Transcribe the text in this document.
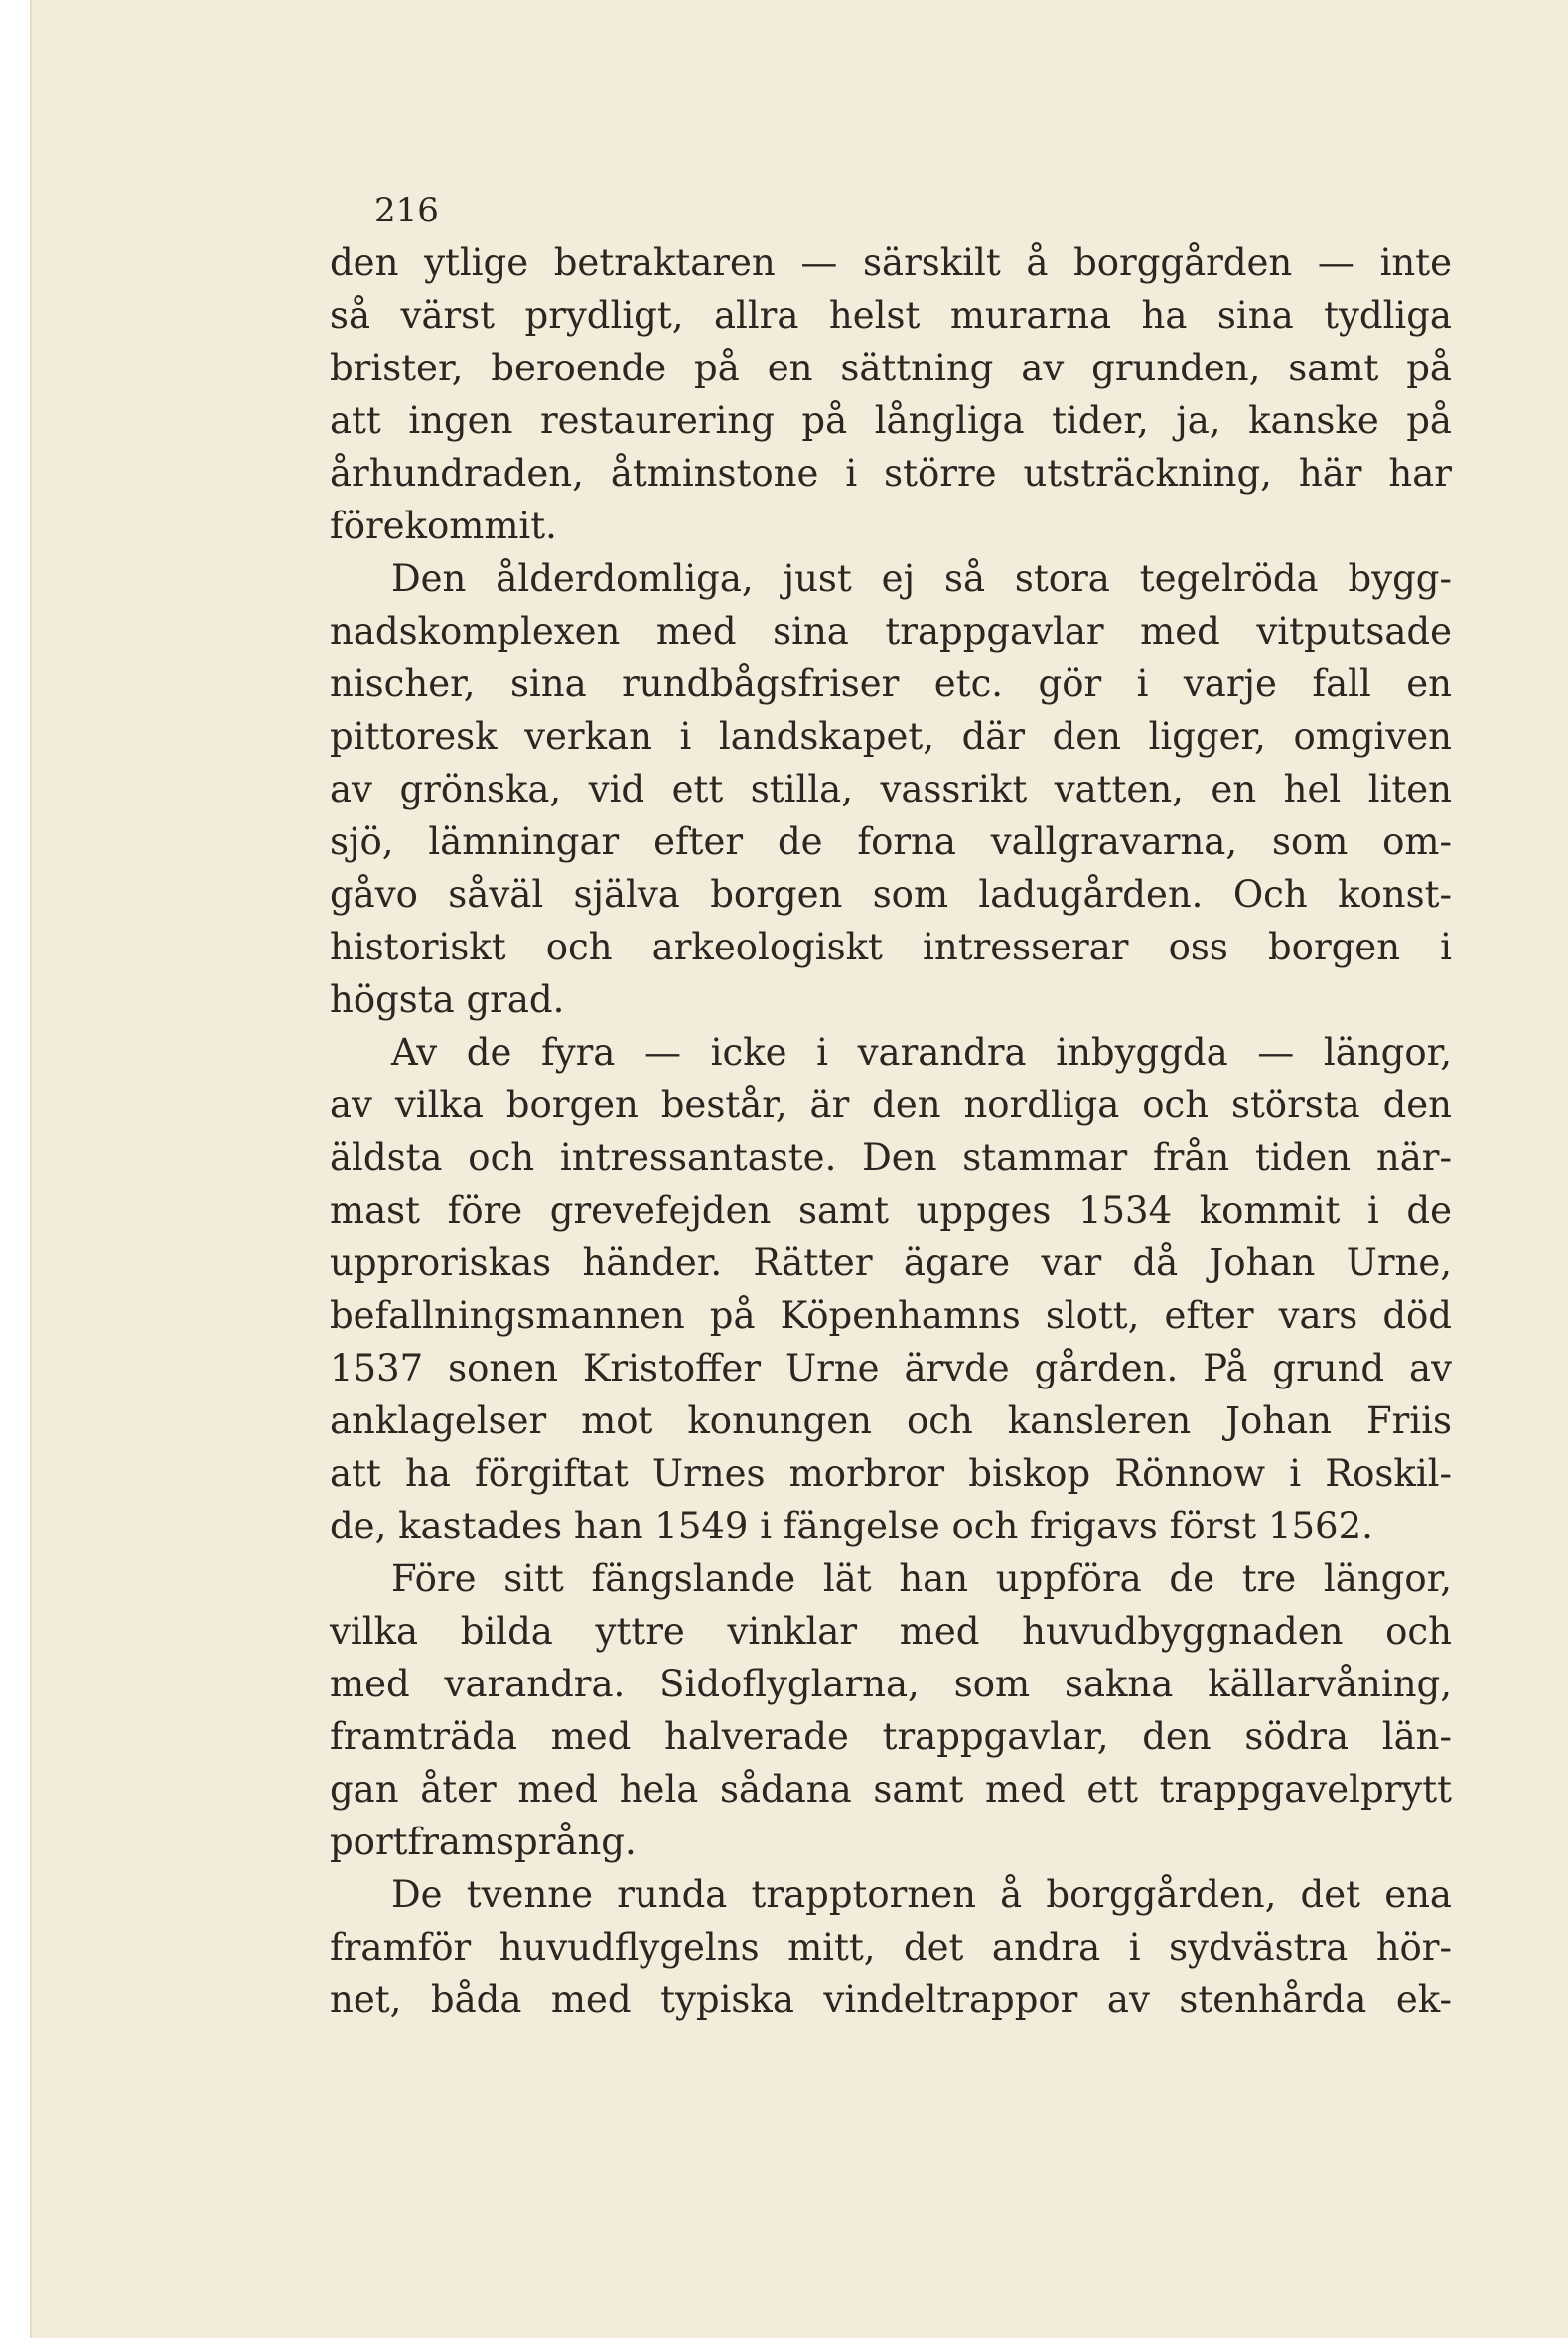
216
den ytlige betraktaren — särskilt å borggården — inte
så värst prydligt, allra helst murarna ha sina tydliga
brister, beroende på en sättning av grunden, samt på
att ingen restaurering på långliga tider, ja, kanske på
århundraden, åtminstone i större utsträckning, här har
förekommit.
Den ålderdomliga, just ej så stora tegelröda bygg-
nadskomplexen med sina trappgavlar med vitputsade
nischer, sina rundbågsfriser etc. gör i varje fall en
pittoresk verkan i landskapet, där den ligger, omgiven
av grönska, vid ett stilla, vassrikt vatten, en hel liten
sjö, lämningar efter de forna vallgravarna, som om-
gåvo såväl själva borgen som ladugården. Och konst-
historiskt och arkeologiskt intresserar oss borgen i
högsta grad.
Av de fyra — icke i varandra inbyggda — längor,
av vilka borgen består, är den nordliga och största den
äldsta och intressantaste. Den stammar från tiden när-
mast före grevefejden samt uppges 1534 kommit i de
upproriskas händer. Rätter ägare var då Johan Urne,
befallningsmannen på Köpenhamns slott, efter vars död
1537 sonen Kristoffer Urne ärvde gården. På grund av
anklagelser mot konungen och kansleren Johan Friis
att ha förgiftat Urnes morbror biskop Rönnow i Roskil-
de, kastades han 1549 i fängelse och frigavs först 1562.
Före sitt fängslande lät han uppföra de tre längor,
vilka bilda yttre vinklar med huvudbyggnaden och
med varandra. Sidoflyglarna, som sakna källarvåning,
framträda med halverade trappgavlar, den södra län-
gan åter med hela sådana samt med ett trappgavelprytt
portframsprång.
De tvenne runda trapptornen å borggården, det ena
framför huvudflygelns mitt, det andra i sydvästra hör-
net, båda med typiska vindeltrappor av stenhårda ek-
